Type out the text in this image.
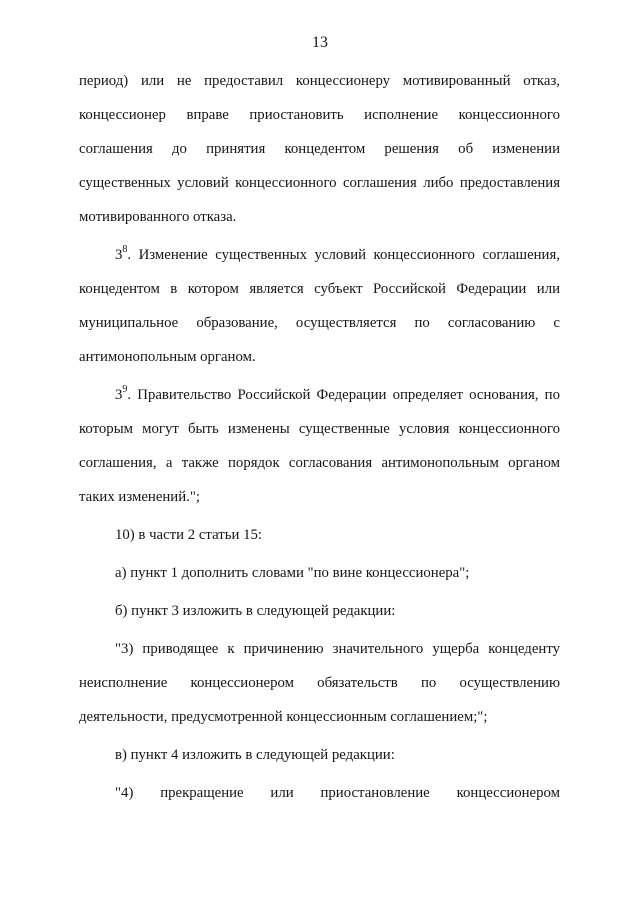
13

период) или не предоставил концессионеру мотивированный отказ, концессионер вправе приостановить исполнение концессионного соглашения до принятия концедентом решения об изменении существенных условий концессионного соглашения либо предоставления мотивированного отказа.

$3^8$. Изменение существенных условий концессионного соглашения, концедентом в котором является субъект Российской Федерации или муниципальное образование, осуществляется по согласованию с антимонопольным органом.

$3^9$. Правительство Российской Федерации определяет основания, по которым могут быть изменены существенные условия концессионного соглашения, а также порядок согласования антимонопольным органом таких изменений.";

10) в части 2 статьи 15:

а) пункт 1 дополнить словами "по вине концессионера";

б) пункт 3 изложить в следующей редакции:

"3) приводящее к причинению значительного ущерба концеденту неисполнение концессионером обязательств по осуществлению деятельности, предусмотренной концессионным соглашением;";

в) пункт 4 изложить в следующей редакции:

"4) прекращение или приостановление концессионером
